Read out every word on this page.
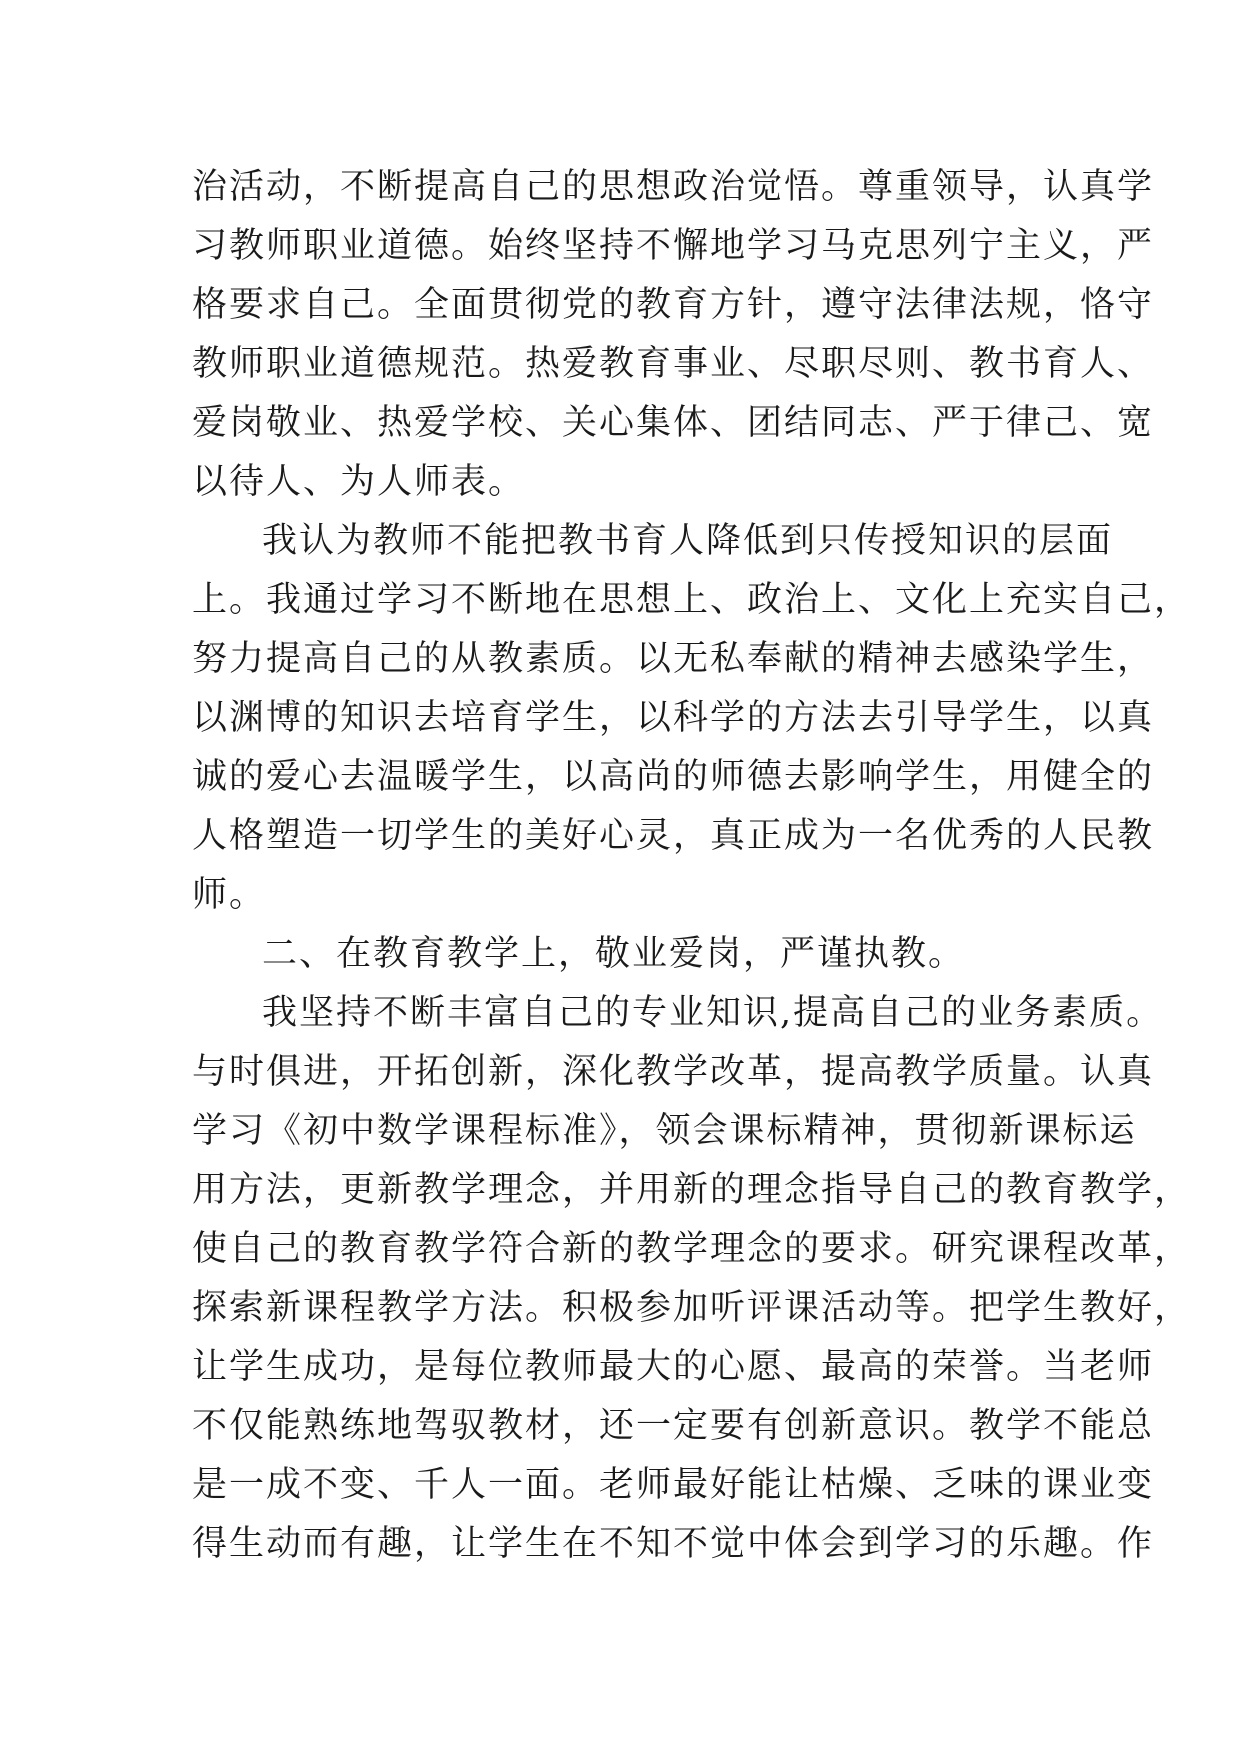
治活动，不断提高自己的思想政治觉悟。尊重领导，认真学
习教师职业道德。始终坚持不懈地学习马克思列宁主义，严
格要求自己。全面贯彻党的教育方针，遵守法律法规，恪守
教师职业道德规范。热爱教育事业、尽职尽则、教书育人、
爱岗敬业、热爱学校、关心集体、团结同志、严于律己、宽
以待人、为人师表。
我认为教师不能把教书育人降低到只传授知识的层面
上。我通过学习不断地在思想上、政治上、文化上充实自己，
努力提高自己的从教素质。以无私奉献的精神去感染学生，
以渊博的知识去培育学生，以科学的方法去引导学生，以真
诚的爱心去温暖学生，以高尚的师德去影响学生，用健全的
人格塑造一切学生的美好心灵，真正成为一名优秀的人民教
师。
二、在教育教学上，敬业爱岗，严谨执教。
我坚持不断丰富自己的专业知识,提高自己的业务素质。
与时俱进，开拓创新，深化教学改革，提高教学质量。认真
学习《初中数学课程标准》，领会课标精神，贯彻新课标运
用方法，更新教学理念，并用新的理念指导自己的教育教学，
使自己的教育教学符合新的教学理念的要求。研究课程改革，
探索新课程教学方法。积极参加听评课活动等。把学生教好，
让学生成功，是每位教师最大的心愿、最高的荣誉。当老师
不仅能熟练地驾驭教材，还一定要有创新意识。教学不能总
是一成不变、千人一面。老师最好能让枯燥、乏味的课业变
得生动而有趣，让学生在不知不觉中体会到学习的乐趣。作
